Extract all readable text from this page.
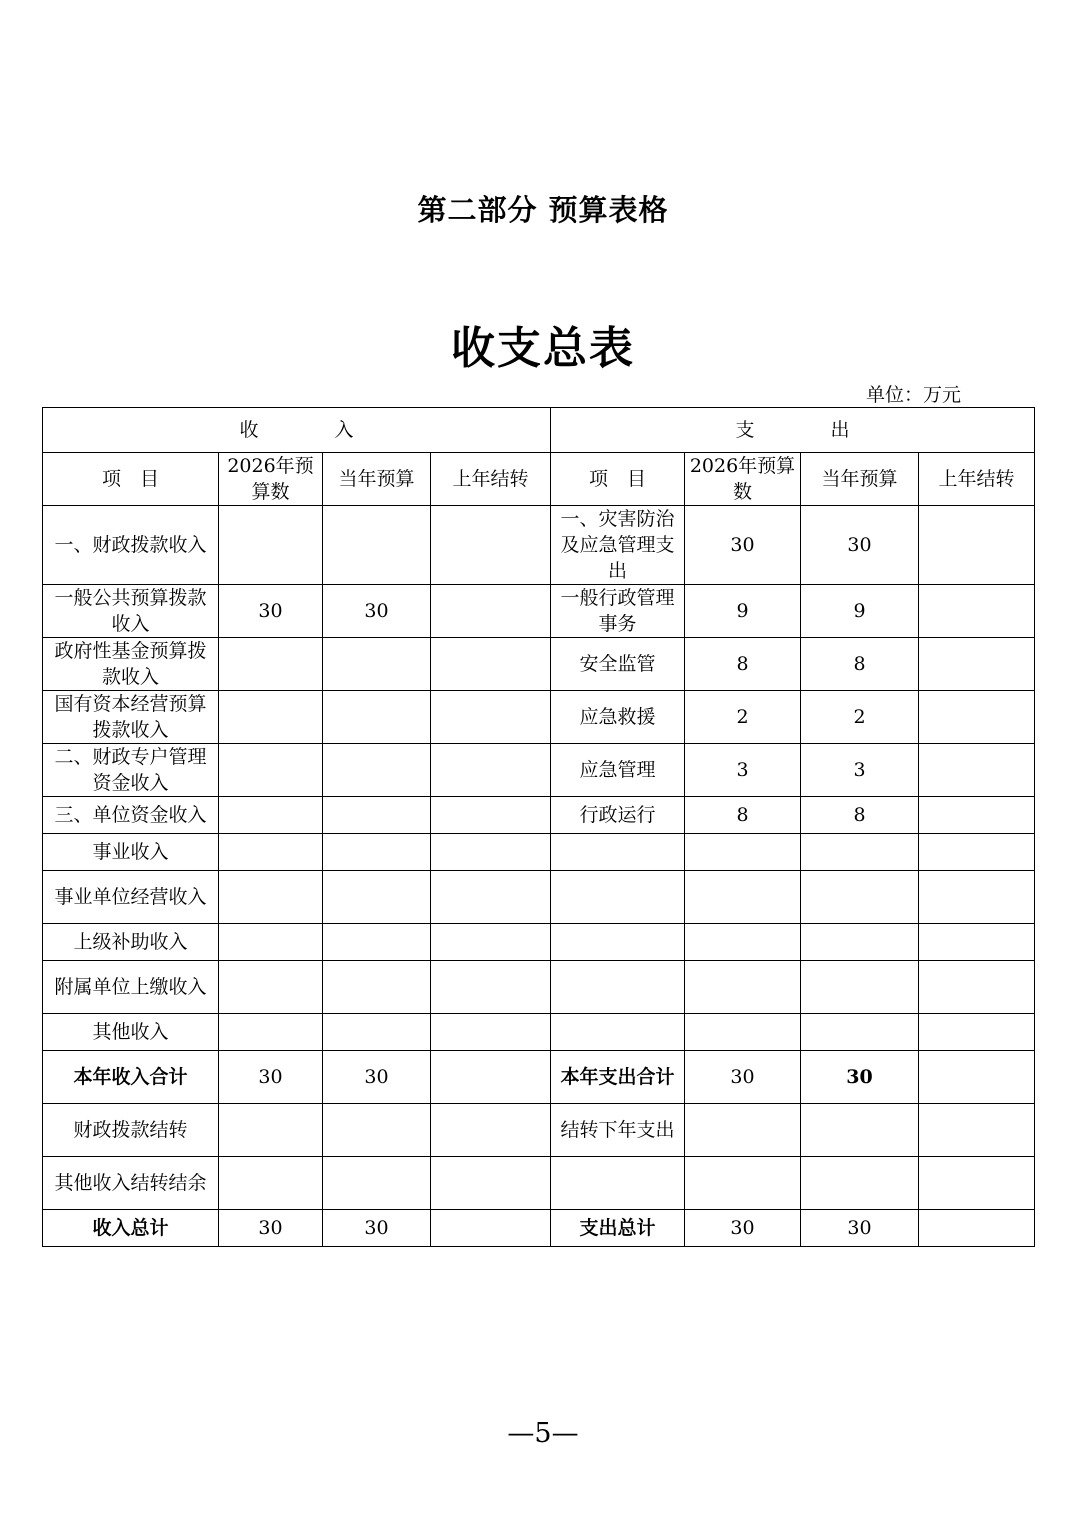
第二部分 预算表格
收支总表
单位：万元
收　　　　入				支　　　　出			
项　目	2026年预算数	当年预算	上年结转	项　目	2026年预算数	当年预算	上年结转
一、财政拨款收入				一、灾害防治及应急管理支出	30	30	
一般公共预算拨款收入	30	30		一般行政管理事务	9	9	
政府性基金预算拨款收入				安全监管	8	8	
国有资本经营预算拨款收入				应急救援	2	2	
二、财政专户管理资金收入				应急管理	3	3	
三、单位资金收入				行政运行	8	8	
事业收入							
事业单位经营收入							
上级补助收入							
附属单位上缴收入							
其他收入							
本年收入合计	30	30		本年支出合计	30	30	
财政拨款结转				结转下年支出			
其他收入结转结余							
收入总计	30	30		支出总计	30	30	
—5—
